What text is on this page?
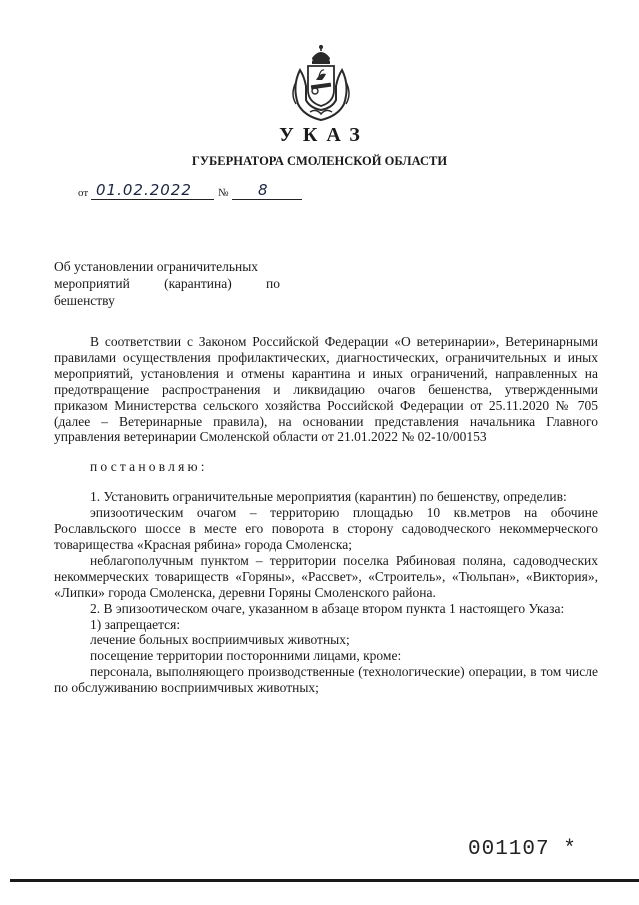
УКАЗ
ГУБЕРНАТОРА СМОЛЕНСКОЙ ОБЛАСТИ
от 01.02.2022 № 8
Об установлении ограничительных
мероприятий	(карантина)	по
бешенству

В соответствии с Законом Российской Федерации «О ветеринарии», Ветеринарными правилами осуществления профилактических, диагностических, ограничительных и иных мероприятий, установления и отмены карантина и иных ограничений, направленных на предотвращение распространения и ликвидацию очагов бешенства, утвержденными приказом Министерства сельского хозяйства Российской Федерации от 25.11.2020 № 705 (далее – Ветеринарные правила), на основании представления начальника Главного управления ветеринарии Смоленской области от 21.01.2022 № 02-10/00153

постановляю:

1. Установить ограничительные мероприятия (карантин) по бешенству, определив:

эпизоотическим очагом – территорию площадью 10 кв.метров на обочине Рославльского шоссе в месте его поворота в сторону садоводческого некоммерческого товарищества «Красная рябина» города Смоленска;

неблагополучным пунктом – территории поселка Рябиновая поляна, садоводческих некоммерческих товариществ «Горяны», «Рассвет», «Строитель», «Тюльпан», «Виктория», «Липки» города Смоленска, деревни Горяны Смоленского района.

2. В эпизоотическом очаге, указанном в абзаце втором пункта 1 настоящего Указа:

1) запрещается:

лечение больных восприимчивых животных;

посещение территории посторонними лицами, кроме:

персонала, выполняющего производственные (технологические) операции, в том числе по обслуживанию восприимчивых животных;

001107 *
